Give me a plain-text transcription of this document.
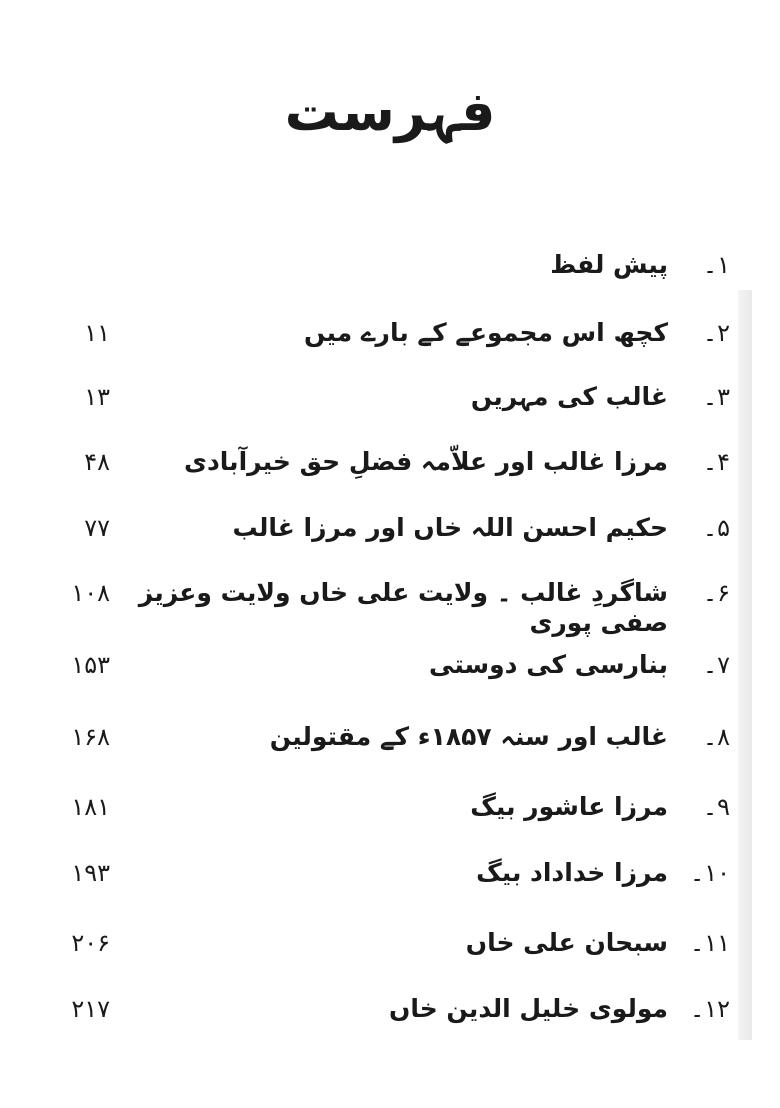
فہرست
۱۔
پیش لفظ
۲۔
کچھ اس مجموعے کے بارے میں
۱۱
۳۔
غالب کی مہریں
۱۳
۴۔
مرزا غالب اور علاّمہ فضلِ حق خیرآبادی
۴۸
۵۔
حکیم احسن اللہ خاں اور مرزا غالب
۷۷
۶۔
شاگردِ غالب ۔ ولایت علی خاں ولایت وعزیز صفی پوری
۱۰۸
۷۔
بنارسی کی دوستی
۱۵۳
۸۔
غالب اور سنہ ۱۸۵۷ء کے مقتولین
۱۶۸
۹۔
مرزا عاشور بیگ
۱۸۱
۱۰۔
مرزا خداداد بیگ
۱۹۳
۱۱۔
سبحان علی خاں
۲۰۶
۱۲۔
مولوی خلیل الدین خاں
۲۱۷
